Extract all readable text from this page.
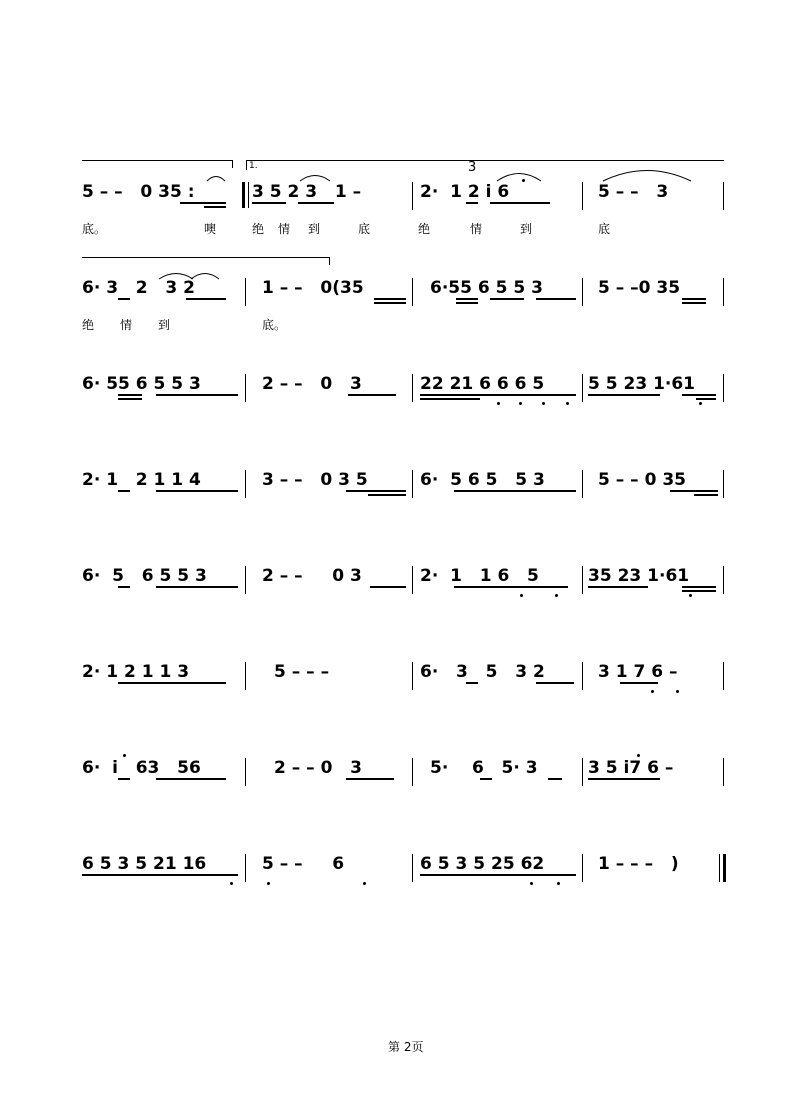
5 – –   0 35 :	3 5 2 3   1 –	2·  1 2 i 6	5 – –   3
1.	3
底。	噢	绝 情 到	底	绝	情	到	底
6· 3   2   3 2	1 – –   0(35	6·55 6 5 5 3	5 – –0 35
绝 情 到	底。
6· 55 6 5 5 3	2 – –   0   3	22 21 6 6 6 5	5 5 23 1·61
2· 1   2 1 1 4	3 – –   0 3 5	6·  5 6 5   5 3	5 – – 0 35
6·  5   6 5 5 3	2 – –     0 3	2·  1   1 6   5	35 23 1·61
2· 1 2 1 1 3	5 – – –	6·   3   5   3 2	3 1 7 6 –
6·  i   63   56	2 – – 0   3	5·    6   5· 3	3 5 i7 6 –
6 5 3 5 21 16	5 – –     6	6 5 3 5 25 62	1 – – –   )
第 2页
